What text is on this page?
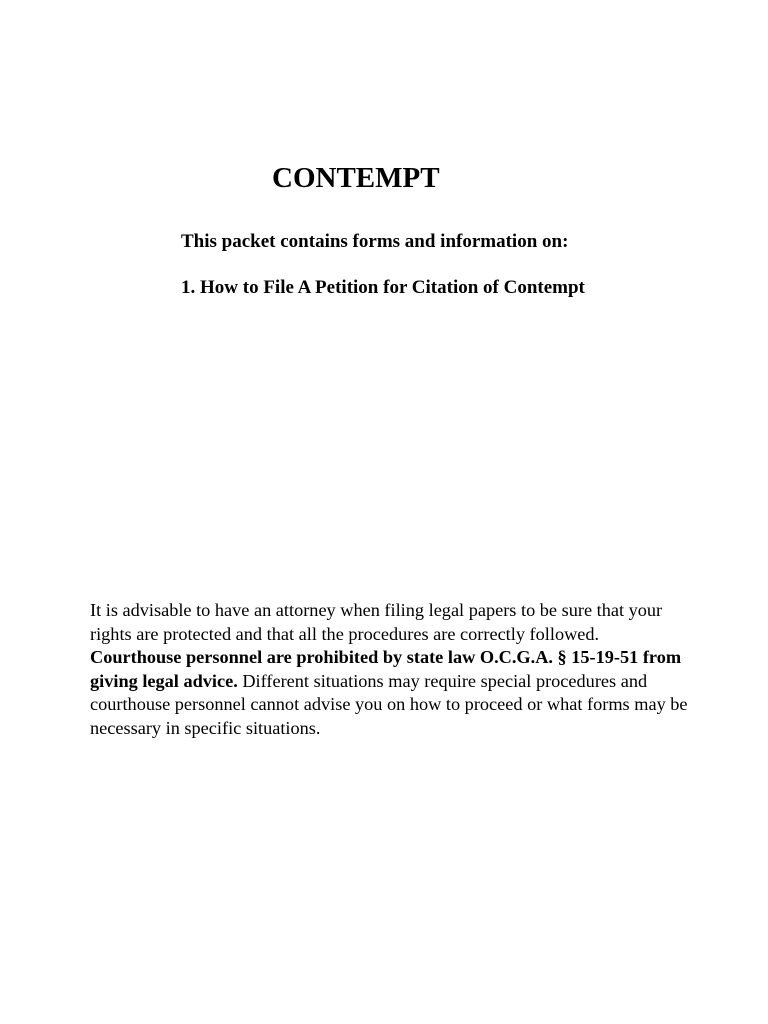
CONTEMPT

This packet contains forms and information on:

1. How to File A Petition for Citation of Contempt

It is advisable to have an attorney when filing legal papers to be sure that your rights are protected and that all the procedures are correctly followed. Courthouse personnel are prohibited by state law O.C.G.A. § 15-19-51 from giving legal advice. Different situations may require special procedures and courthouse personnel cannot advise you on how to proceed or what forms may be necessary in specific situations.
